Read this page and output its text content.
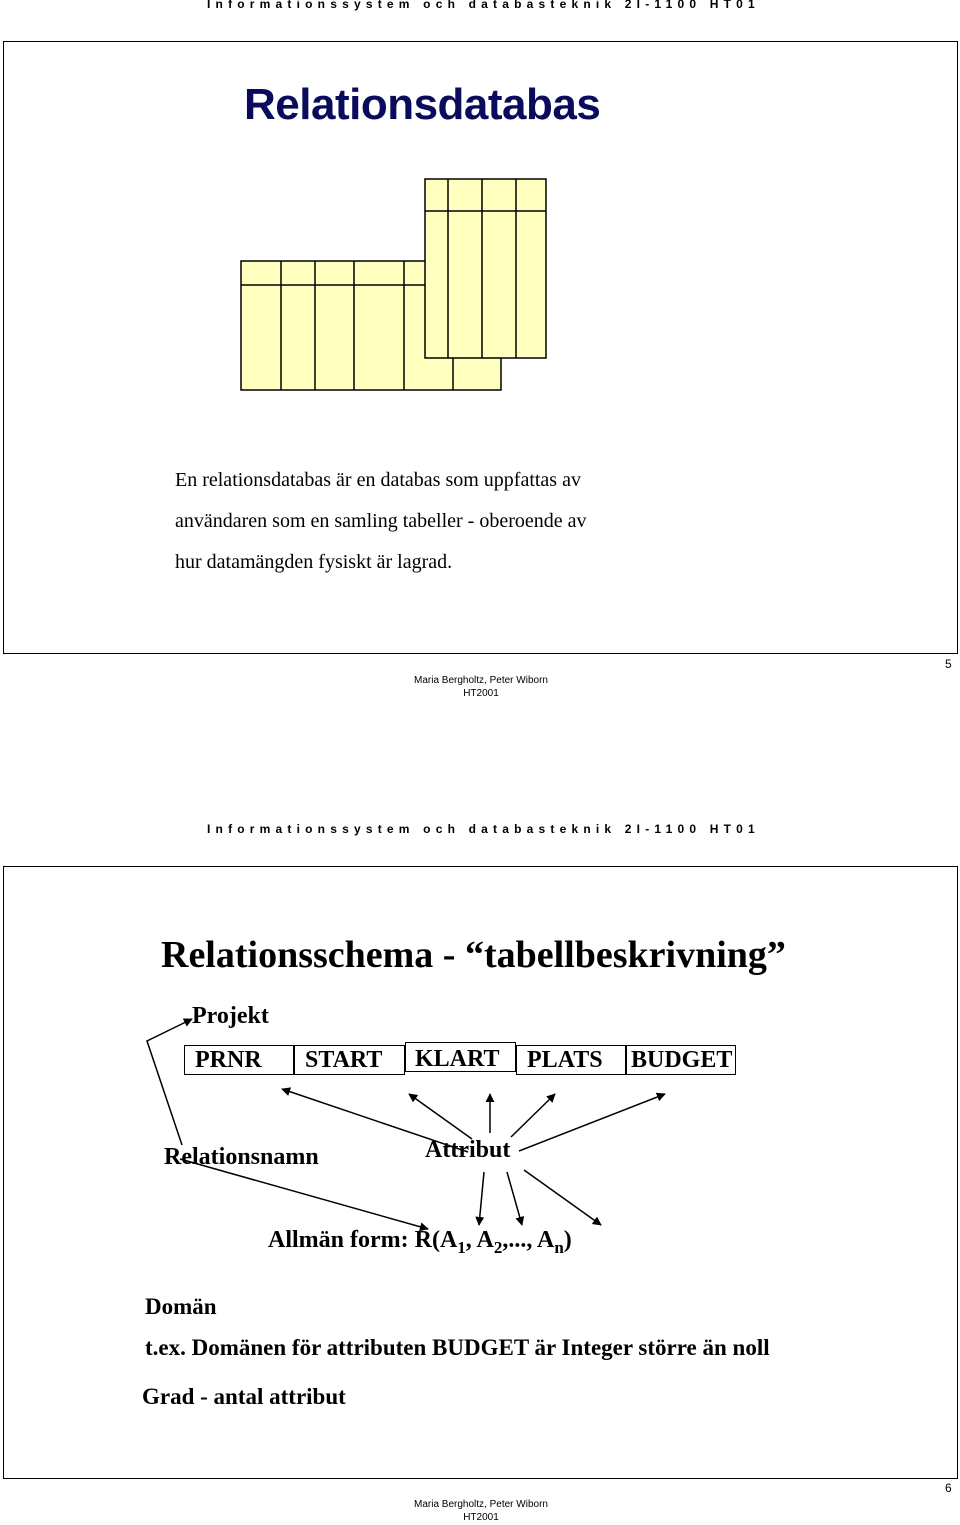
Informationssystem och databasteknik 2I-1100 HT01
Relationsdatabas
En relationsdatabas är en databas som uppfattas av
användaren som en samling tabeller - oberoende av
hur datamängden fysiskt är lagrad.
Maria Bergholtz, Peter Wiborn
HT2001
5
Informationssystem och databasteknik 2I-1100 HT01
Relationsschema - “tabellbeskrivning”
Projekt
PRNR	START	KLART	PLATS	BUDGET
Relationsnamn	Attribut
Allmän form: $R(A_1$, $A_2$,..., $A_n$)
Domän
t.ex. Domänen för attributen BUDGET är Integer större än noll
Grad - antal attribut
Maria Bergholtz, Peter Wiborn
HT2001
6
